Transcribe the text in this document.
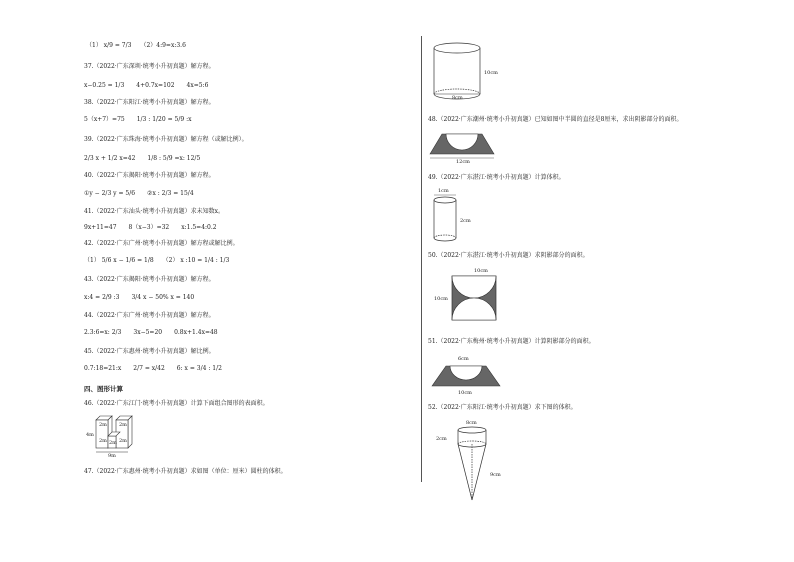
（1） x/9 = 7/3　　（2）4:9=x:3.6
37.（2022·广东深圳·统考小升初真题）解方程。
x−0.25 = 1/3　　4+0.7x=102　　4x=5:6
38.（2022·广东阳江·统考小升初真题）解方程。
5（x+7）=75　　1/3 : 1/20 = 5/9 :x
39.（2022·广东珠海·统考小升初真题）解方程（或解比例）。
2/3 x + 1/2 x=42　　1/8 : 5/9 =x: 12/5
40.（2022·广东揭阳·统考小升初真题）解方程。
①y − 2/3 y = 5/6　　②x : 2/3 = 15/4
41.（2022·广东汕头·统考小升初真题）求未知数x。
9x+11=47　　8（x−3）=32　　x:1.5=4:0.2
42.（2022·广东广州·统考小升初真题）解方程或解比例。
（1） 5/6 x − 1/6 = 1/8　　（2） x :10 = 1/4 : 1/3
43.（2022·广东揭阳·统考小升初真题）解方程。
x:4 = 2/9 :3　　3/4 x − 50% x = 140
44.（2022·广东广州·统考小升初真题）解方程。
2.3:6=x: 2/3　　3x−5=20　　0.8x+1.4x=48
45.（2022·广东惠州·统考小升初真题）解比例。
0.7:18=21:x　　2/7 = x/42　　6: x = 3/4 : 1/2
四、图形计算
46.（2022·广东江门·统考小升初真题）计算下面组合图形的表面积。
2m
4m
9m
2m
2m
2m 2m
47.（2022·广东惠州·统考小升初真题）求如图（单位：厘米）圆柱的体积。
10cm
8cm
48.（2022·广东潮州·统考小升初真题）已知如图中半圆的直径是8厘米，求出阴影部分的面积。
12cm
49.（2022·广东湛江·统考小升初真题）计算体积。
1cm
2cm
50.（2022·广东湛江·统考小升初真题）求阴影部分的面积。
10cm
10cm
51.（2022·广东梅州·统考小升初真题）计算阴影部分的面积。
6cm
10cm
52.（2022·广东阳江·统考小升初真题）求下图的体积。
8cm
2cm
9cm
